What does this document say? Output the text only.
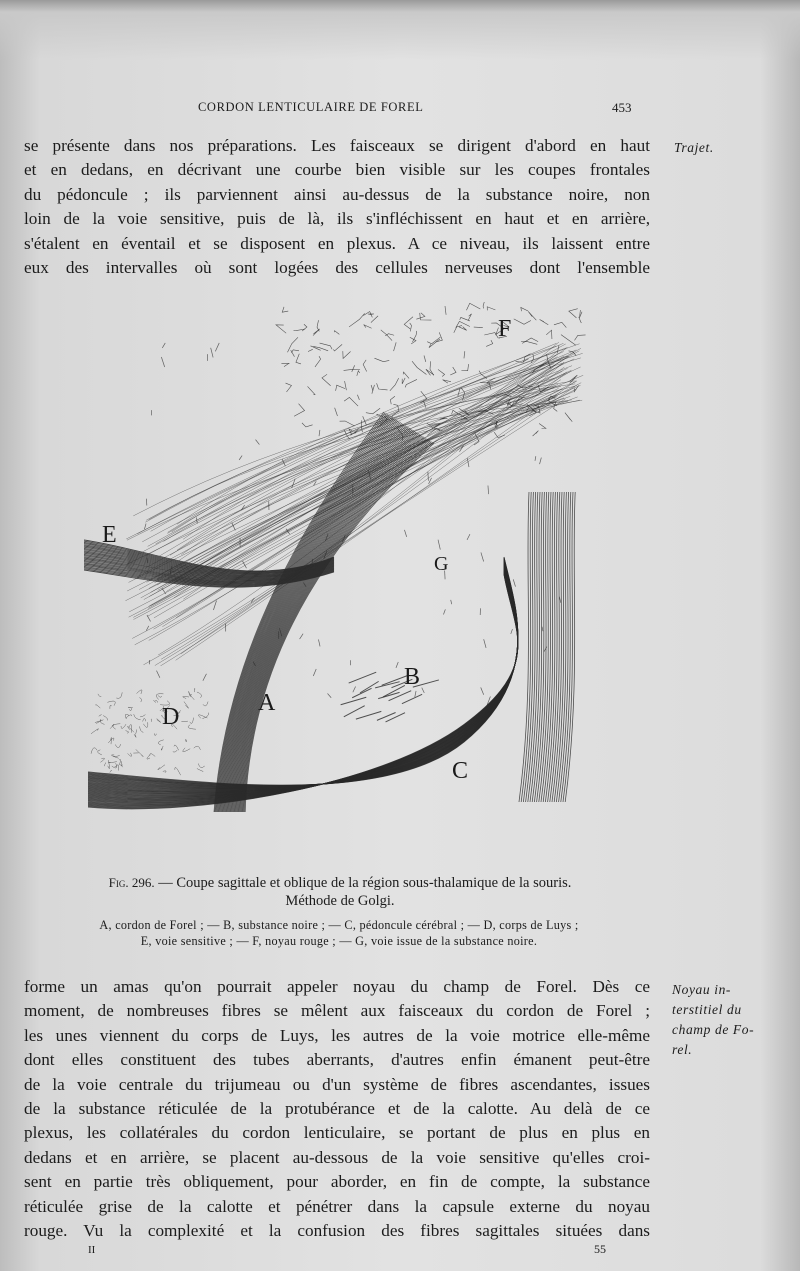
CORDON LENTICULAIRE DE FOREL	453
Trajet.
se présente dans nos préparations. Les faisceaux se dirigent d'abord en haut
et en dedans, en décrivant une courbe bien visible sur les coupes frontales
du pédoncule ; ils parviennent ainsi au-dessus de la substance noire, non
loin de la voie sensitive, puis de là, ils s'infléchissent en haut et en arrière,
s'étalent en éventail et se disposent en plexus. A ce niveau, ils laissent entre
eux des intervalles où sont logées des cellules nerveuses dont l'ensemble
F
E
G
B
A
D
C
Fig. 296. — Coupe sagittale et oblique de la région sous-thalamique de la souris.
Méthode de Golgi.
A, cordon de Forel ; — B, substance noire ; — C, pédoncule cérébral ; — D, corps de Luys ;
E, voie sensitive ; — F, noyau rouge ; — G, voie issue de la substance noire.
Noyau in-
terstitiel du
champ de Fo-
rel.
forme un amas qu'on pourrait appeler noyau du champ de Forel. Dès ce
moment, de nombreuses fibres se mêlent aux faisceaux du cordon de Forel ;
les unes viennent du corps de Luys, les autres de la voie motrice elle-même
dont elles constituent des tubes aberrants, d'autres enfin émanent peut-être
de la voie centrale du trijumeau ou d'un système de fibres ascendantes, issues
de la substance réticulée de la protubérance et de la calotte. Au delà de ce
plexus, les collatérales du cordon lenticulaire, se portant de plus en plus en
dedans et en arrière, se placent au-dessous de la voie sensitive qu'elles croi-
sent en partie très obliquement, pour aborder, en fin de compte, la substance
réticulée grise de la calotte et pénétrer dans la capsule externe du noyau
rouge. Vu la complexité et la confusion des fibres sagittales situées dans
II	55
